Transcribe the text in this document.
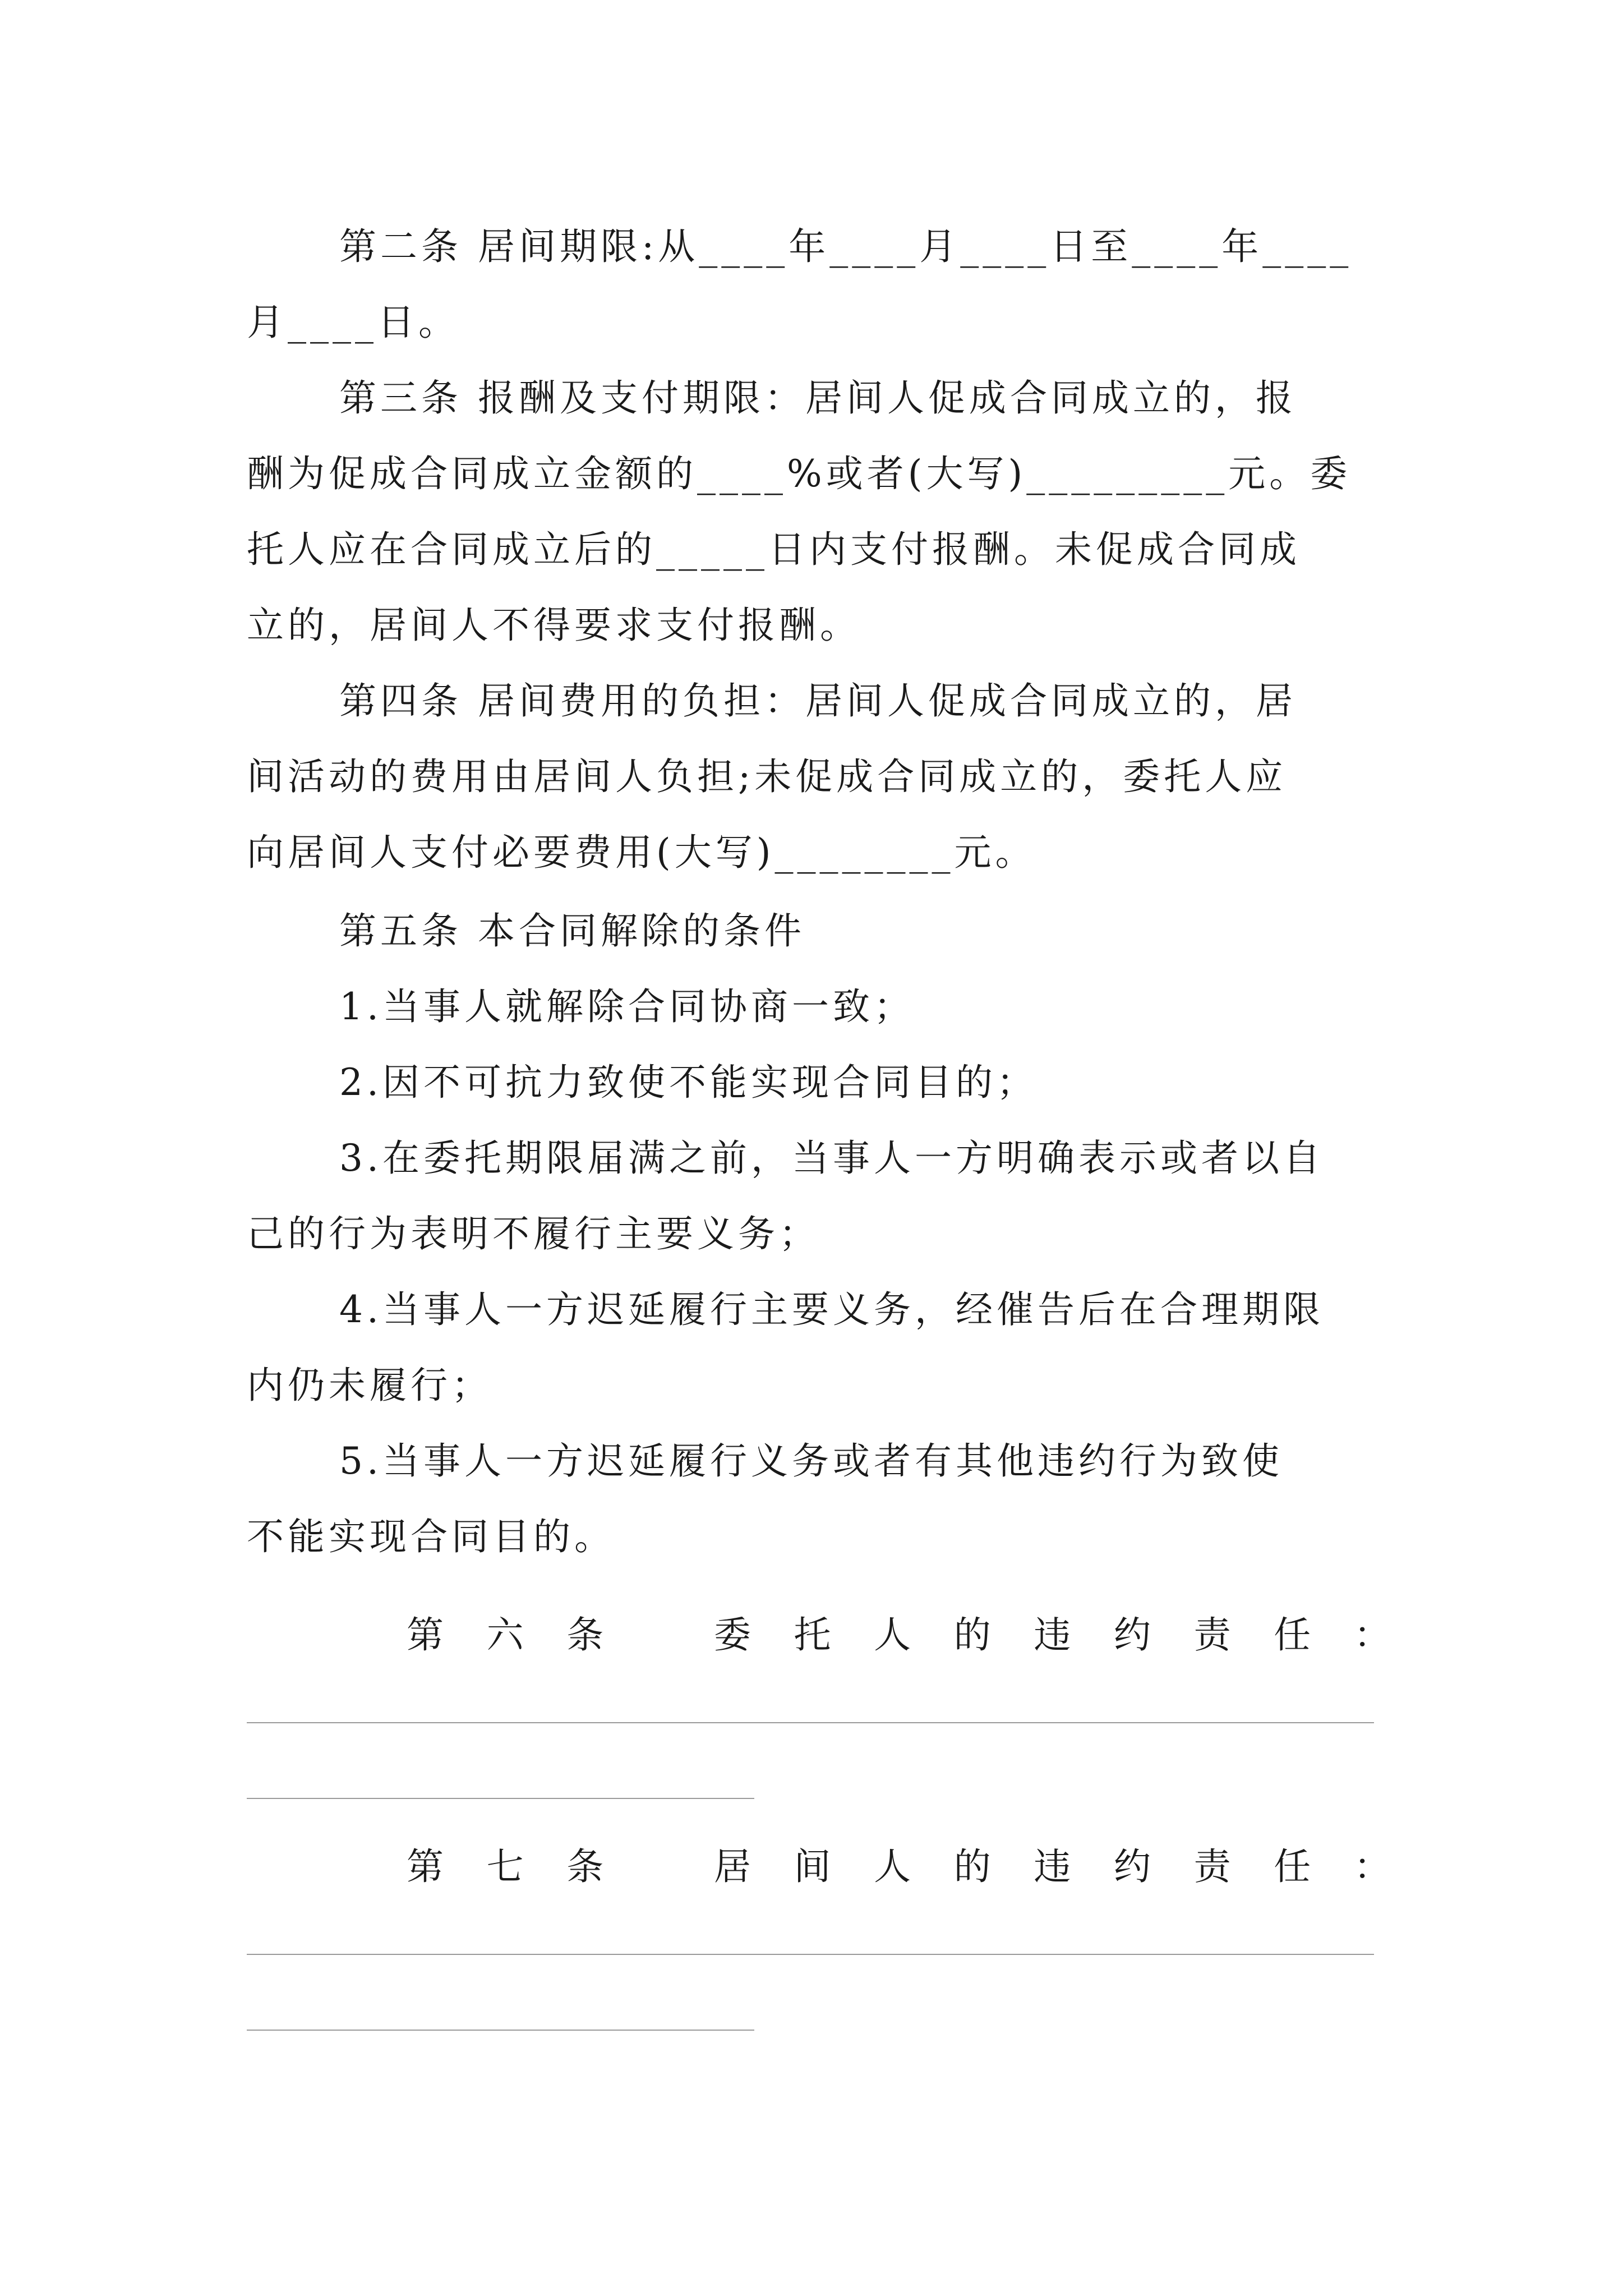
第二条 居间期限:从____年____月____日至____年____
月____日。
第三条 报酬及支付期限：居间人促成合同成立的，报
酬为促成合同成立金额的____%或者(大写)_________元。委
托人应在合同成立后的_____日内支付报酬。未促成合同成
立的，居间人不得要求支付报酬。
第四条 居间费用的负担：居间人促成合同成立的，居
间活动的费用由居间人负担;未促成合同成立的，委托人应
向居间人支付必要费用(大写)________元。
第五条 本合同解除的条件
1.当事人就解除合同协商一致；
2.因不可抗力致使不能实现合同目的；
3.在委托期限届满之前，当事人一方明确表示或者以自
己的行为表明不履行主要义务；
4.当事人一方迟延履行主要义务，经催告后在合理期限
内仍未履行；
5.当事人一方迟延履行义务或者有其他违约行为致使
不能实现合同目的。
第 六 条	委 托 人 的 违 约 责 任 ：
第 七 条	居 间 人 的 违 约 责 任 ：
